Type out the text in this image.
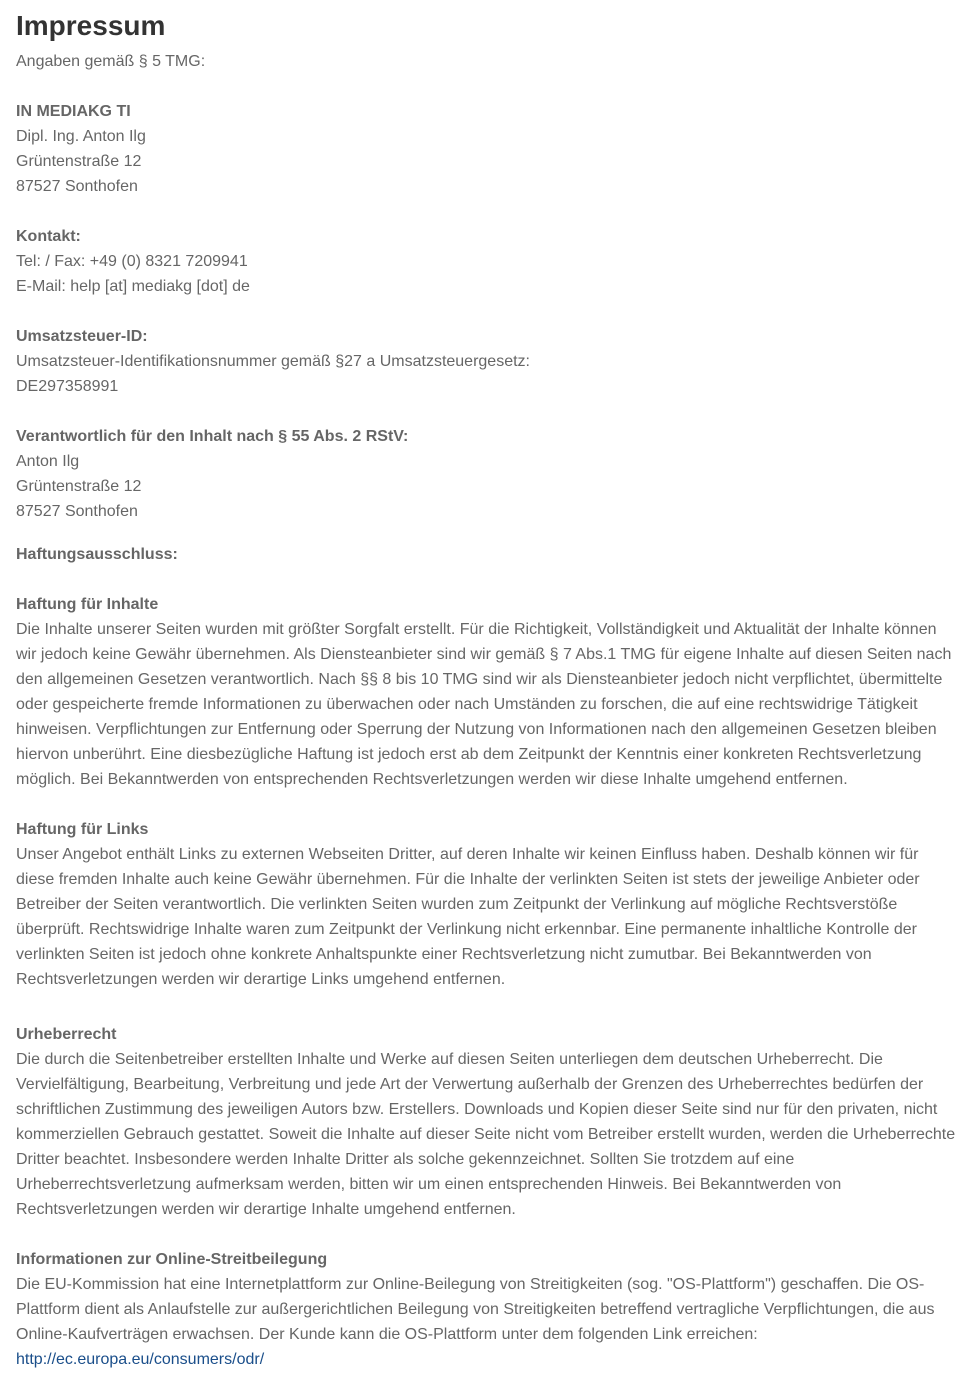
Impressum
Angaben gemäß § 5 TMG:
IN MEDIAKG TI
Dipl. Ing. Anton Ilg
Grüntenstraße 12
87527 Sonthofen
Kontakt:
Tel: / Fax: +49 (0) 8321 7209941
E-Mail: help [at] mediakg [dot] de
Umsatzsteuer-ID:
Umsatzsteuer-Identifikationsnummer gemäß §27 a Umsatzsteuergesetz:
DE297358991
Verantwortlich für den Inhalt nach § 55 Abs. 2 RStV:
Anton Ilg
Grüntenstraße 12
87527 Sonthofen
Haftungsausschluss:
Haftung für Inhalte
Die Inhalte unserer Seiten wurden mit größter Sorgfalt erstellt. Für die Richtigkeit, Vollständigkeit und Aktualität der Inhalte können
wir jedoch keine Gewähr übernehmen. Als Diensteanbieter sind wir gemäß § 7 Abs.1 TMG für eigene Inhalte auf diesen Seiten nach
den allgemeinen Gesetzen verantwortlich. Nach §§ 8 bis 10 TMG sind wir als Diensteanbieter jedoch nicht verpflichtet, übermittelte
oder gespeicherte fremde Informationen zu überwachen oder nach Umständen zu forschen, die auf eine rechtswidrige Tätigkeit
hinweisen. Verpflichtungen zur Entfernung oder Sperrung der Nutzung von Informationen nach den allgemeinen Gesetzen bleiben
hiervon unberührt. Eine diesbezügliche Haftung ist jedoch erst ab dem Zeitpunkt der Kenntnis einer konkreten Rechtsverletzung
möglich. Bei Bekanntwerden von entsprechenden Rechtsverletzungen werden wir diese Inhalte umgehend entfernen.
Haftung für Links
Unser Angebot enthält Links zu externen Webseiten Dritter, auf deren Inhalte wir keinen Einfluss haben. Deshalb können wir für
diese fremden Inhalte auch keine Gewähr übernehmen. Für die Inhalte der verlinkten Seiten ist stets der jeweilige Anbieter oder
Betreiber der Seiten verantwortlich. Die verlinkten Seiten wurden zum Zeitpunkt der Verlinkung auf mögliche Rechtsverstöße
überprüft. Rechtswidrige Inhalte waren zum Zeitpunkt der Verlinkung nicht erkennbar. Eine permanente inhaltliche Kontrolle der
verlinkten Seiten ist jedoch ohne konkrete Anhaltspunkte einer Rechtsverletzung nicht zumutbar. Bei Bekanntwerden von
Rechtsverletzungen werden wir derartige Links umgehend entfernen.
Urheberrecht
Die durch die Seitenbetreiber erstellten Inhalte und Werke auf diesen Seiten unterliegen dem deutschen Urheberrecht. Die
Vervielfältigung, Bearbeitung, Verbreitung und jede Art der Verwertung außerhalb der Grenzen des Urheberrechtes bedürfen der
schriftlichen Zustimmung des jeweiligen Autors bzw. Erstellers. Downloads und Kopien dieser Seite sind nur für den privaten, nicht
kommerziellen Gebrauch gestattet. Soweit die Inhalte auf dieser Seite nicht vom Betreiber erstellt wurden, werden die Urheberrechte
Dritter beachtet. Insbesondere werden Inhalte Dritter als solche gekennzeichnet. Sollten Sie trotzdem auf eine
Urheberrechtsverletzung aufmerksam werden, bitten wir um einen entsprechenden Hinweis. Bei Bekanntwerden von
Rechtsverletzungen werden wir derartige Inhalte umgehend entfernen.
Informationen zur Online-Streitbeilegung
Die EU-Kommission hat eine Internetplattform zur Online-Beilegung von Streitigkeiten (sog. "OS-Plattform") geschaffen. Die OS-
Plattform dient als Anlaufstelle zur außergerichtlichen Beilegung von Streitigkeiten betreffend vertragliche Verpflichtungen, die aus
Online-Kaufverträgen erwachsen. Der Kunde kann die OS-Plattform unter dem folgenden Link erreichen:
http://ec.europa.eu/consumers/odr/
